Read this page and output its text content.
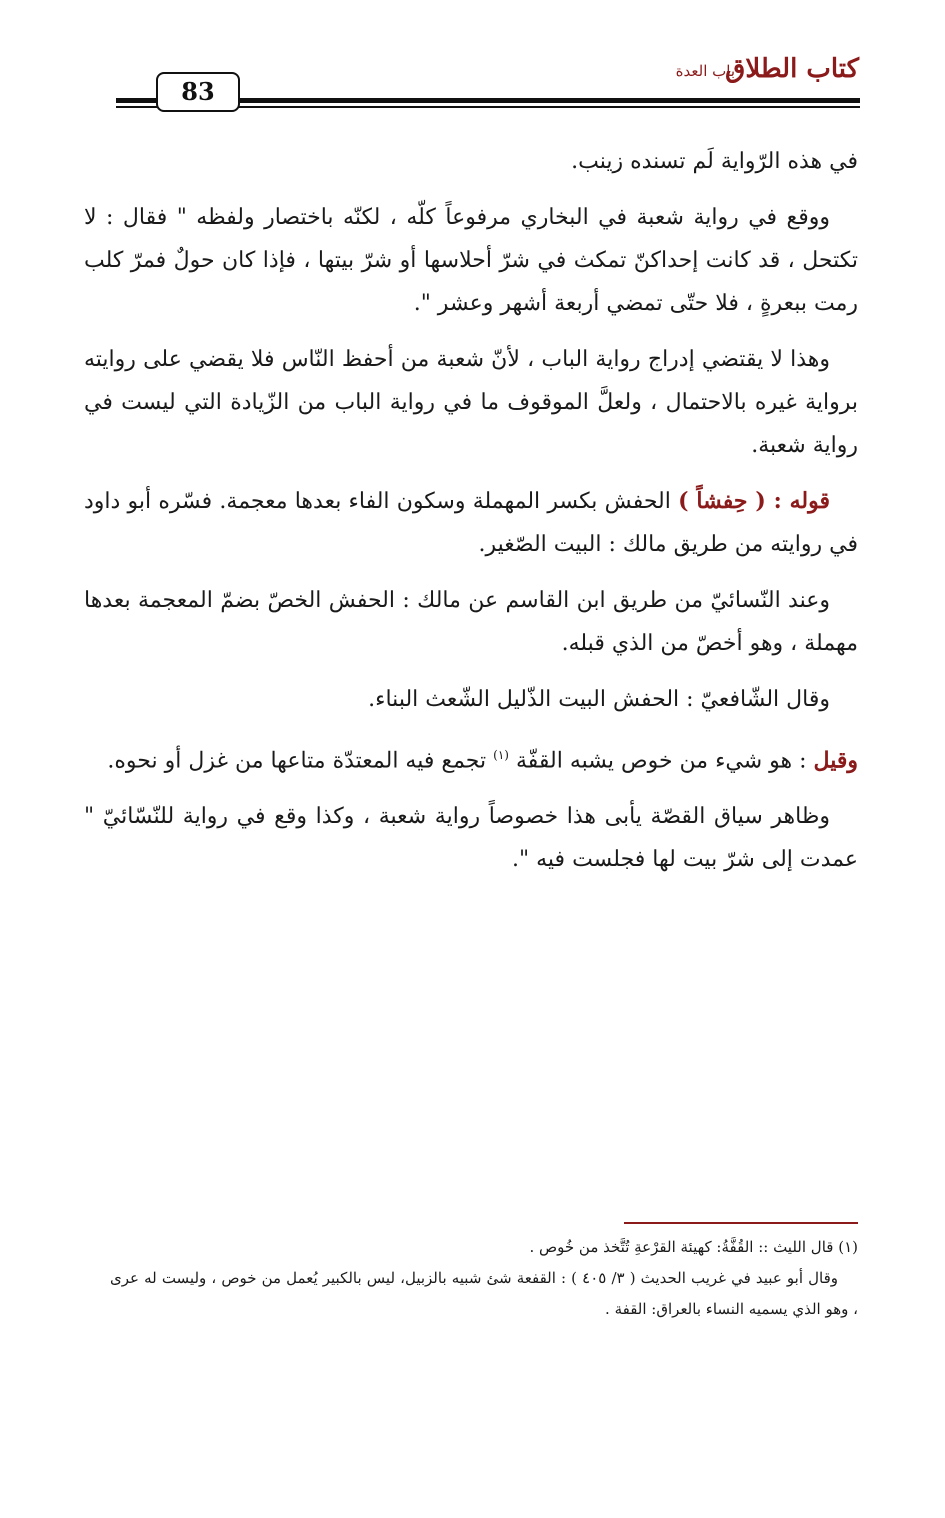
كتاب الطلاق
باب العدة
83

في هذه الرّواية لَم تسنده زينب.

ووقع في رواية شعبة في البخاري مرفوعاً كلّه ، لكنّه باختصار ولفظه " فقال : لا تكتحل ، قد كانت إحداكنّ تمكث في شرّ أحلاسها أو شرّ بيتها ، فإذا كان حولٌ فمرّ كلب رمت ببعرةٍ ، فلا حتّى تمضي أربعة أشهر وعشر ".

وهذا لا يقتضي إدراج رواية الباب ، لأنّ شعبة من أحفظ النّاس فلا يقضي على روايته برواية غيره بالاحتمال ، ولعلَّ الموقوف ما في رواية الباب من الزّيادة التي ليست في رواية شعبة.

قوله : ( حِفشاً ) الحفش بكسر المهملة وسكون الفاء بعدها معجمة. فسّره أبو داود في روايته من طريق مالك : البيت الصّغير.

وعند النّسائيّ من طريق ابن القاسم عن مالك : الحفش الخصّ بضمّ المعجمة بعدها مهملة ، وهو أخصّ من الذي قبله.

وقال الشّافعيّ : الحفش البيت الذّليل الشّعث البناء.

وقيل : هو شيء من خوص يشبه القفّة $^{(١)}$ تجمع فيه المعتدّة متاعها من غزل أو نحوه.

وظاهر سياق القصّة يأبى هذا خصوصاً رواية شعبة ، وكذا وقع في رواية للنّسّائيّ " عمدت إلى شرّ بيت لها فجلست فيه ".

(١) قال الليث :: القُفَّةُ: كهيئة القرْعةِ تُتَّخذ من خُوص .

وقال أبو عبيد في غريب الحديث ( ٣/ ٤٠٥ ) : القفعة شئ شبيه بالزبيل، ليس بالكبير يُعمل من خوص ، وليست له عرى ، وهو الذي يسميه النساء بالعراق: القفة .
